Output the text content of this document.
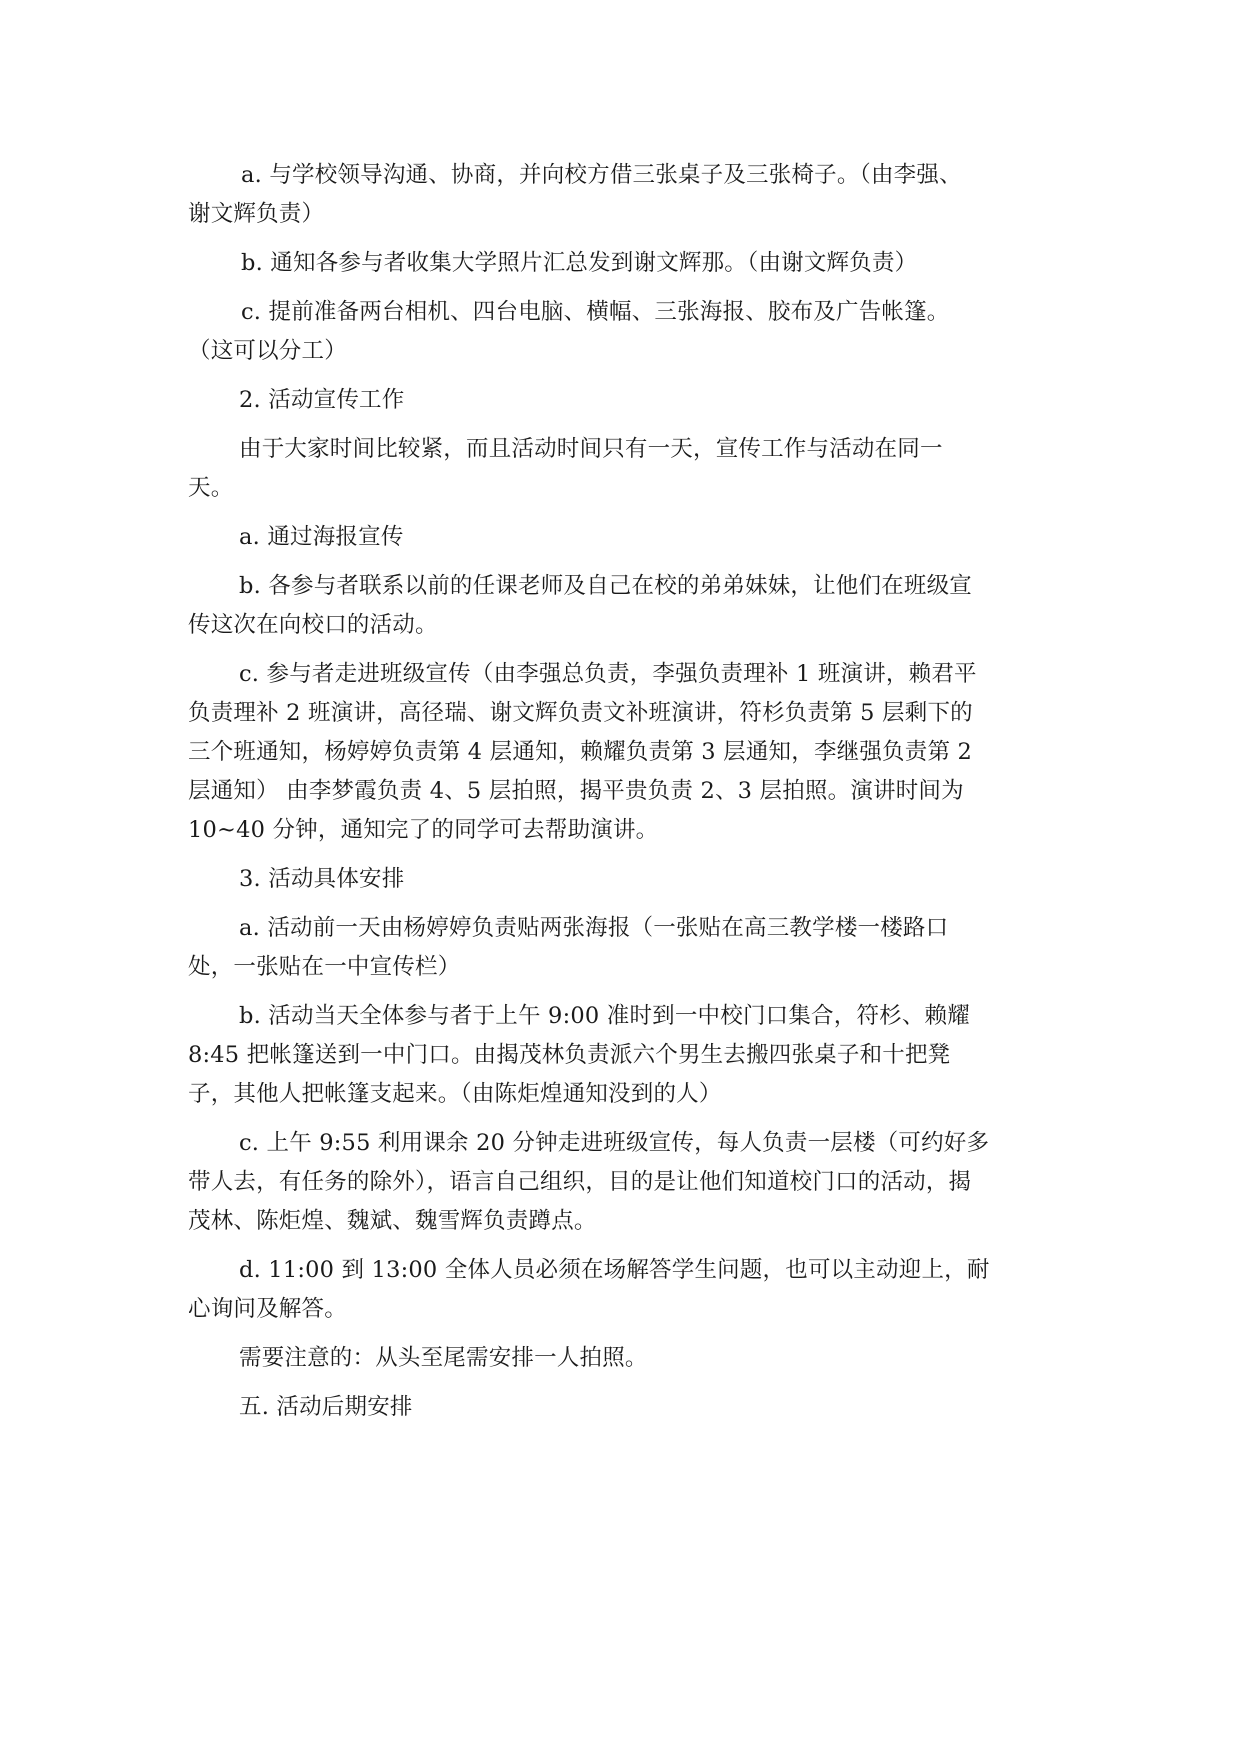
a. 与学校领导沟通、协商，并向校方借三张桌子及三张椅子。（由李强、
谢文辉负责）
b. 通知各参与者收集大学照片汇总发到谢文辉那。（由谢文辉负责）
c. 提前准备两台相机、四台电脑、横幅、三张海报、胶布及广告帐篷。
（这可以分工）
2. 活动宣传工作
由于大家时间比较紧，而且活动时间只有一天，宣传工作与活动在同一
天。
a. 通过海报宣传
b. 各参与者联系以前的任课老师及自己在校的弟弟妹妹，让他们在班级宣
传这次在向校口的活动。
c. 参与者走进班级宣传（由李强总负责，李强负责理补 1 班演讲，赖君平
负责理补 2 班演讲，高径瑞、谢文辉负责文补班演讲，符杉负责第 5 层剩下的
三个班通知，杨婷婷负责第 4 层通知，赖耀负责第 3 层通知，李继强负责第 2
层通知） 由李梦霞负责 4、5 层拍照，揭平贵负责 2、3 层拍照。演讲时间为
10~40 分钟，通知完了的同学可去帮助演讲。
3. 活动具体安排
a. 活动前一天由杨婷婷负责贴两张海报（一张贴在高三教学楼一楼路口
处，一张贴在一中宣传栏）
b. 活动当天全体参与者于上午 9:00 准时到一中校门口集合，符杉、赖耀
8:45 把帐篷送到一中门口。由揭茂林负责派六个男生去搬四张桌子和十把凳
子，其他人把帐篷支起来。（由陈炬煌通知没到的人）
c. 上午 9:55 利用课余 20 分钟走进班级宣传，每人负责一层楼（可约好多
带人去，有任务的除外），语言自己组织，目的是让他们知道校门口的活动，揭
茂林、陈炬煌、魏斌、魏雪辉负责蹲点。
d. 11:00 到 13:00 全体人员必须在场解答学生问题，也可以主动迎上，耐
心询问及解答。
需要注意的：从头至尾需安排一人拍照。
五. 活动后期安排
